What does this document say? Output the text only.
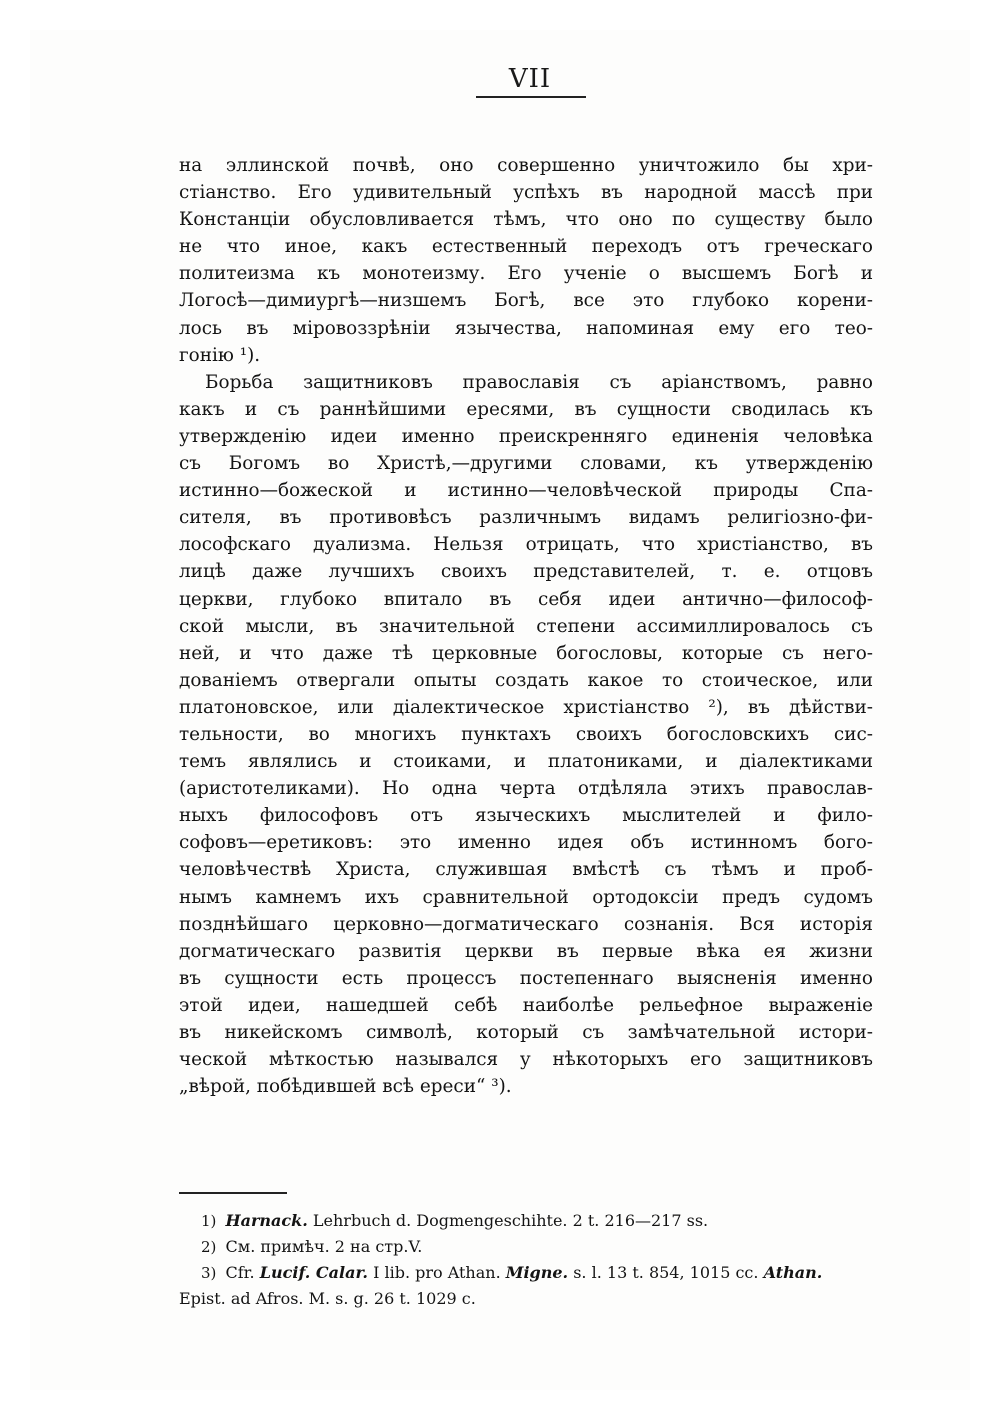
VII

на эллинской почвѣ, оно совершенно уничтожило бы хри-

стіанство. Его удивительный успѣхъ въ народной массѣ при

Констанціи обусловливается тѣмъ, что оно по существу было

не что иное, какъ естественный переходъ отъ греческаго

политеизма къ монотеизму. Его ученіе о высшемъ Богѣ и

Логосѣ—димиургѣ—низшемъ Богѣ, все это глубоко корени-

лось въ міровоззрѣніи язычества, напоминая ему его тео-

гонію ¹).

Борьба защитниковъ православія съ аріанствомъ, равно

какъ и съ раннѣйшими ересями, въ сущности сводилась къ

утвержденію идеи именно преискренняго единенія человѣка

съ Богомъ во Христѣ,—другими словами, къ утвержденію

истинно—божеской и истинно—человѣческой природы Спа-

сителя, въ противовѣсъ различнымъ видамъ религіозно-фи-

лософскаго дуализма. Нельзя отрицать, что христіанство, въ

лицѣ даже лучшихъ своихъ представителей, т. е. отцовъ

церкви, глубоко впитало въ себя идеи антично—философ-

ской мысли, въ значительной степени ассимиллировалось съ

ней, и что даже тѣ церковные богословы, которые съ него-

дованіемъ отвергали опыты создать какое то стоическое, или

платоновское, или діалектическое христіанство ²), въ дѣйстви-

тельности, во многихъ пунктахъ своихъ богословскихъ сис-

темъ являлись и стоиками, и платониками, и діалектиками

(аристотеликами). Но одна черта отдѣляла этихъ православ-

ныхъ философовъ отъ языческихъ мыслителей и фило-

софовъ—еретиковъ: это именно идея объ истинномъ бого-

человѣчествѣ Христа, служившая вмѣстѣ съ тѣмъ и проб-

нымъ камнемъ ихъ сравнительной ортодоксіи предъ судомъ

позднѣйшаго церковно—догматическаго сознанія. Вся исторія

догматическаго развитія церкви въ первые вѣка ея жизни

въ сущности есть процессъ постепеннаго выясненія именно

этой идеи, нашедшей себѣ наиболѣе рельефное выраженіе

въ никейскомъ символѣ, который съ замѣчательной истори-

ческой мѣткостью назывался у нѣкоторыхъ его защитниковъ

„вѣрой, побѣдившей всѣ ереси“ ³).

1) Harnack. Lehrbuch d. Dogmengeschihte. 2 t. 216—217 ss.

2) См. примѣч. 2 на стр.V.

3) Cfr. Lucif. Calar. I lib. pro Athan. Migne. s. l. 13 t. 854, 1015 cc. Athan.

Epist. ad Afros. M. s. g. 26 t. 1029 c.
